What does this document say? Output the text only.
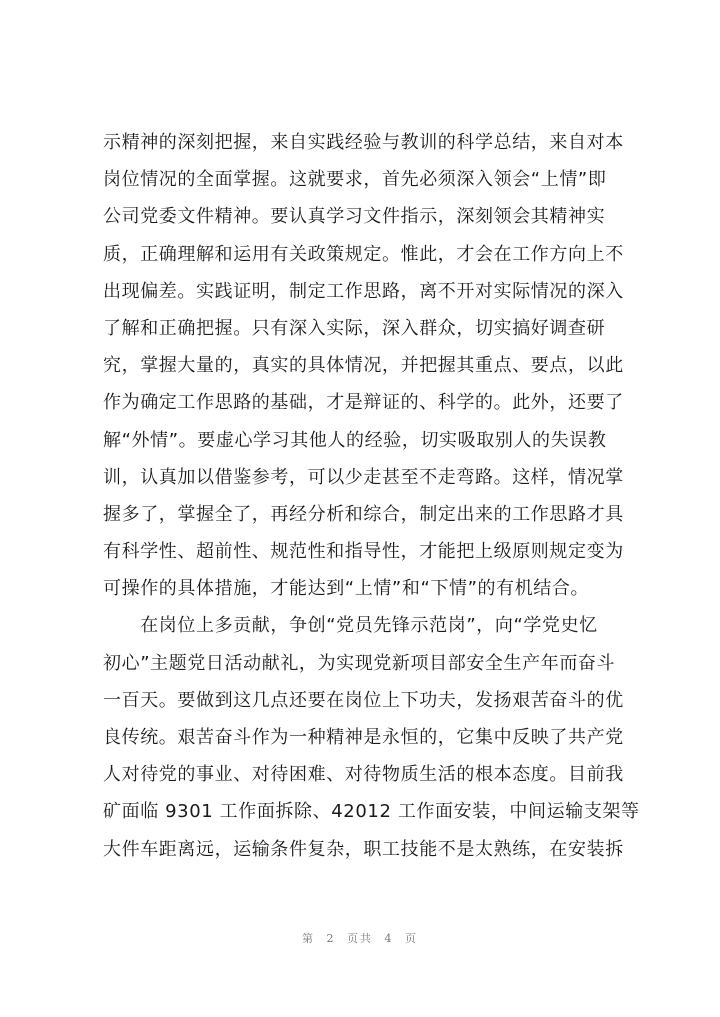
示精神的深刻把握，来自实践经验与教训的科学总结，来自对本
岗位情况的全面掌握。这就要求，首先必须深入领会“上情”即
公司党委文件精神。要认真学习文件指示，深刻领会其精神实
质，正确理解和运用有关政策规定。惟此，才会在工作方向上不
出现偏差。实践证明，制定工作思路，离不开对实际情况的深入
了解和正确把握。只有深入实际，深入群众，切实搞好调查研
究，掌握大量的，真实的具体情况，并把握其重点、要点，以此
作为确定工作思路的基础，才是辩证的、科学的。此外，还要了
解“外情”。要虚心学习其他人的经验，切实吸取别人的失误教
训，认真加以借鉴参考，可以少走甚至不走弯路。这样，情况掌
握多了，掌握全了，再经分析和综合，制定出来的工作思路才具
有科学性、超前性、规范性和指导性，才能把上级原则规定变为
可操作的具体措施，才能达到“上情”和“下情”的有机结合。
　　在岗位上多贡献，争创“党员先锋示范岗”，向“学党史忆
初心”主题党日活动献礼，为实现党新项目部安全生产年而奋斗
一百天。要做到这几点还要在岗位上下功夫，发扬艰苦奋斗的优
良传统。艰苦奋斗作为一种精神是永恒的，它集中反映了共产党
人对待党的事业、对待困难、对待物质生活的根本态度。目前我
矿面临 9301 工作面拆除、42012 工作面安装，中间运输支架等
大件车距离远，运输条件复杂，职工技能不是太熟练，在安装拆
第 2 页共 4 页
